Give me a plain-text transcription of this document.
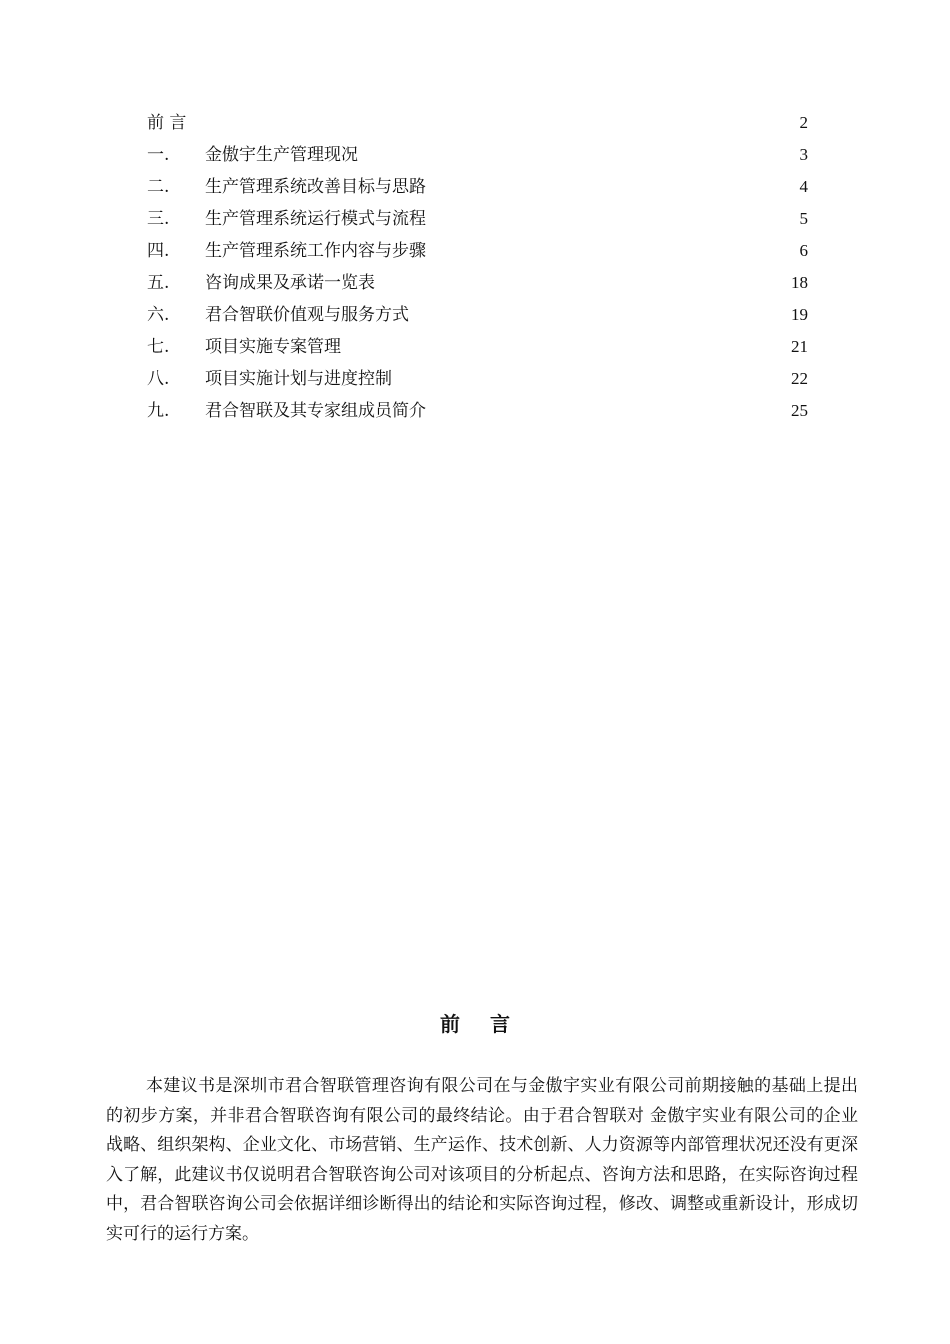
前 言	2
一. 金傲宇生产管理现况	3
二. 生产管理系统改善目标与思路	4
三. 生产管理系统运行模式与流程	5
四. 生产管理系统工作内容与步骤	6
五. 咨询成果及承诺一览表	18
六. 君合智联价值观与服务方式	19
七. 项目实施专案管理	21
八. 项目实施计划与进度控制	22
九. 君合智联及其专家组成员简介	25
前言

本建议书是深圳市君合智联管理咨询有限公司在与金傲宇实业有限公司前期接触的基础上提出的初步方案，并非君合智联咨询有限公司的最终结论。由于君合智联对 金傲宇实业有限公司的企业战略、组织架构、企业文化、市场营销、生产运作、技术创新、人力资源等内部管理状况还没有更深入了解，此建议书仅说明君合智联咨询公司对该项目的分析起点、咨询方法和思路，在实际咨询过程中，君合智联咨询公司会依据详细诊断得出的结论和实际咨询过程，修改、调整或重新设计，形成切实可行的运行方案。
